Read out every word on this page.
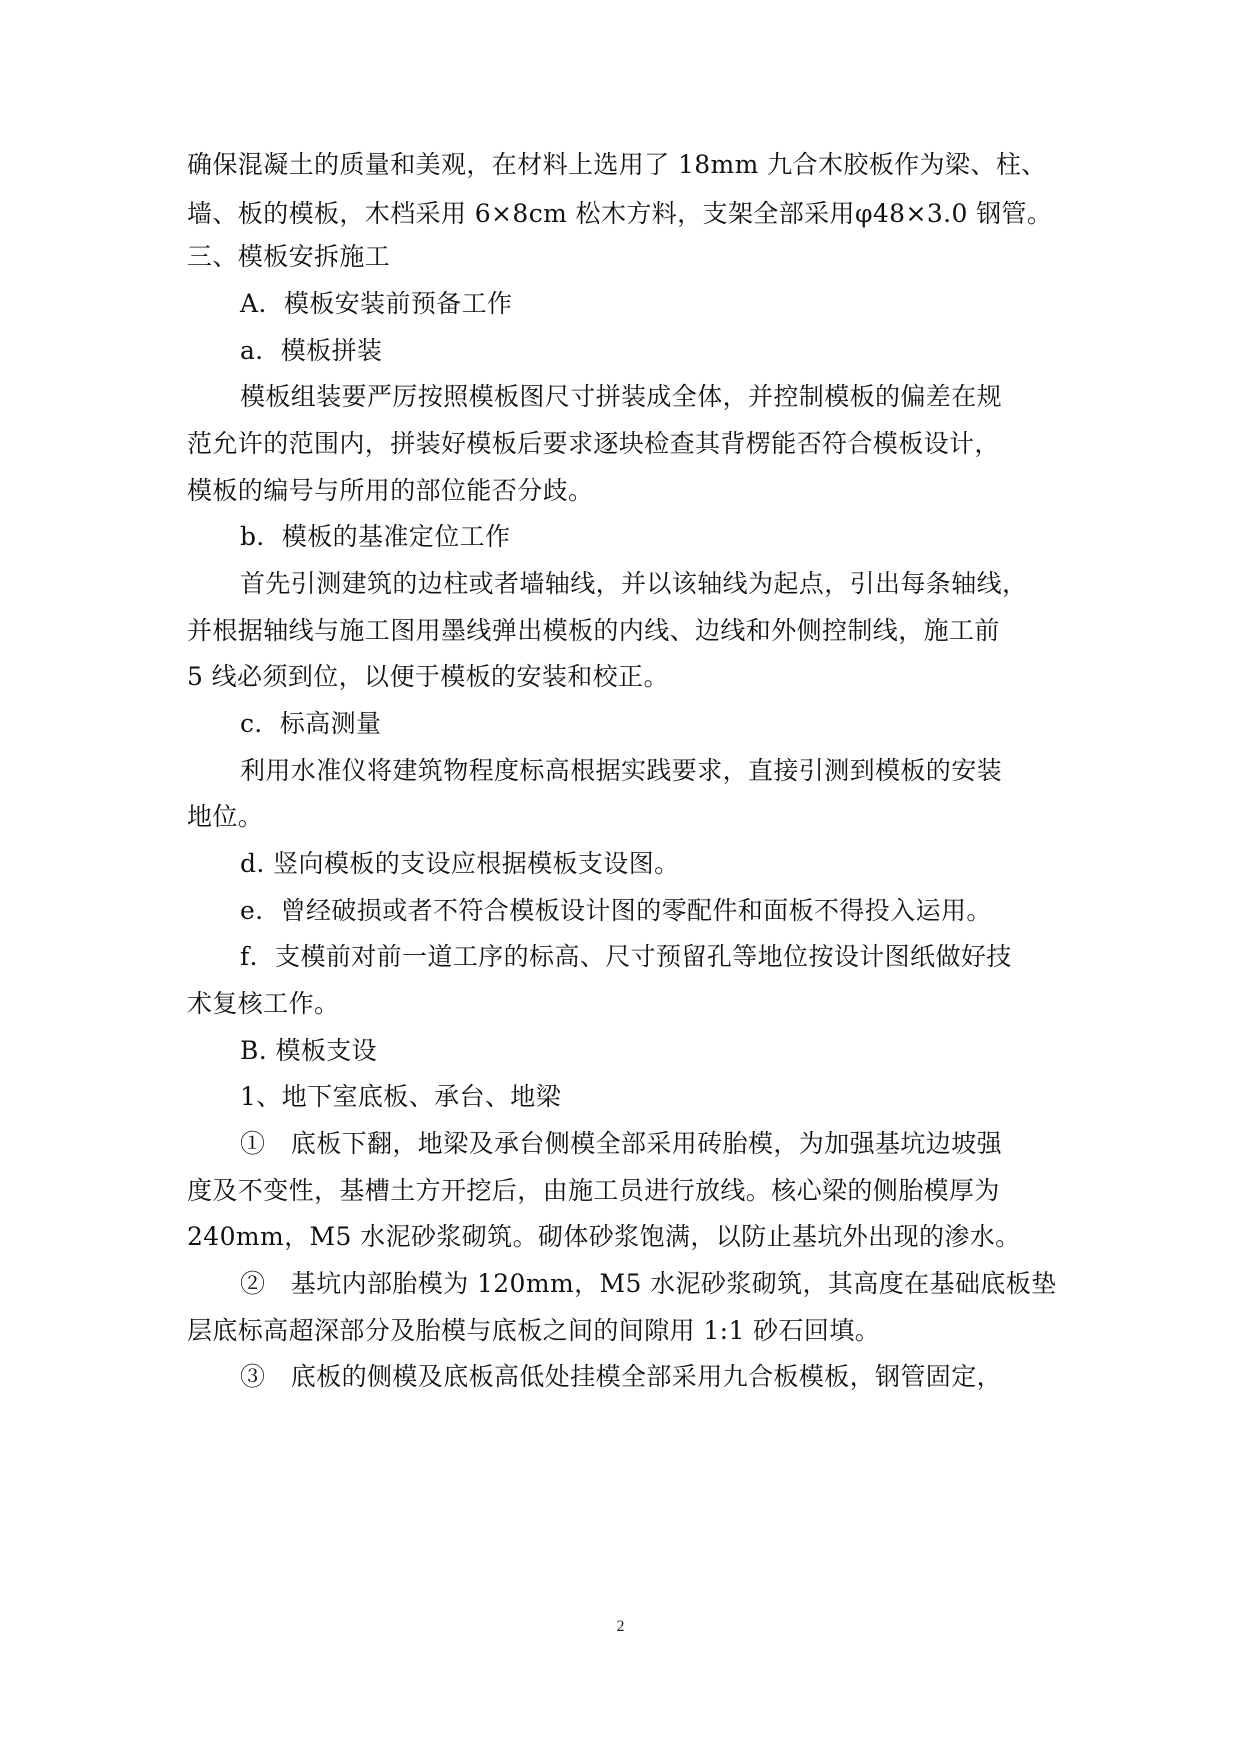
确保混凝土的质量和美观，在材料上选用了 18mm 九合木胶板作为梁、柱、
墙、板的模板，木档采用 6×8cm 松木方料，支架全部采用φ48×3.0 钢管。
三、模板安拆施工
A．模板安装前预备工作
a．模板拼装
模板组装要严厉按照模板图尺寸拼装成全体，并控制模板的偏差在规
范允许的范围内，拼装好模板后要求逐块检查其背楞能否符合模板设计，
模板的编号与所用的部位能否分歧。
b．模板的基准定位工作
首先引测建筑的边柱或者墙轴线，并以该轴线为起点，引出每条轴线，
并根据轴线与施工图用墨线弹出模板的内线、边线和外侧控制线，施工前
5 线必须到位，以便于模板的安装和校正。
c．标高测量
利用水准仪将建筑物程度标高根据实践要求，直接引测到模板的安装
地位。
d. 竖向模板的支设应根据模板支设图。
e．曾经破损或者不符合模板设计图的零配件和面板不得投入运用。
f．支模前对前一道工序的标高、尺寸预留孔等地位按设计图纸做好技
术复核工作。
B. 模板支设
1、地下室底板、承台、地梁
①　底板下翻，地梁及承台侧模全部采用砖胎模，为加强基坑边坡强
度及不变性，基槽土方开挖后，由施工员进行放线。核心梁的侧胎模厚为
240mm，M5 水泥砂浆砌筑。砌体砂浆饱满，以防止基坑外出现的渗水。
②　基坑内部胎模为 120mm，M5 水泥砂浆砌筑，其高度在基础底板垫
层底标高超深部分及胎模与底板之间的间隙用 1:1 砂石回填。
③　底板的侧模及底板高低处挂模全部采用九合板模板，钢管固定，
2
